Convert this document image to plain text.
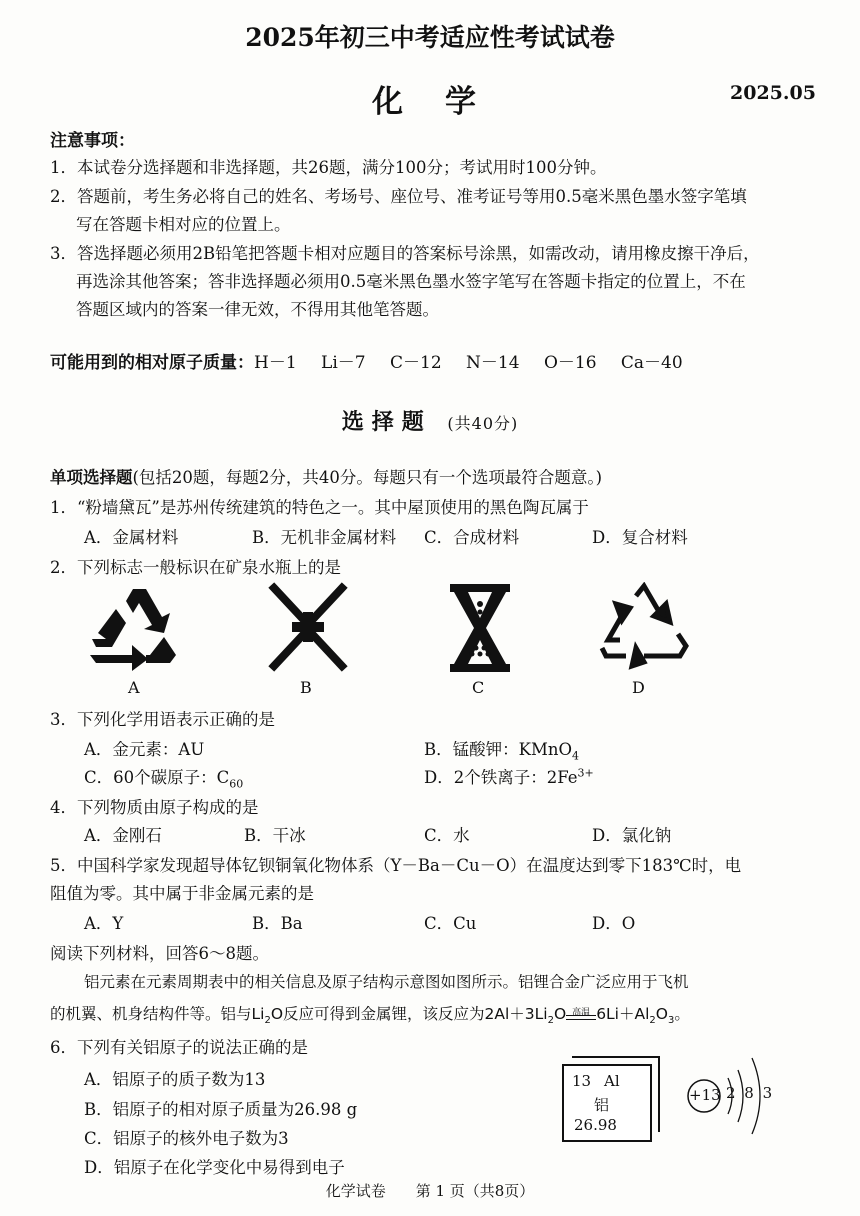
2025年初三中考适应性考试试卷
化学	2025.05
注意事项：
1．本试卷分选择题和非选择题，共26题，满分100分；考试用时100分钟。
2．答题前，考生务必将自己的姓名、考场号、座位号、准考证号等用0.5毫米黑色墨水签字笔填
写在答题卡相对应的位置上。
3．答选择题必须用2B铅笔把答题卡相对应题目的答案标号涂黑，如需改动，请用橡皮擦干净后，
再选涂其他答案；答非选择题必须用0.5毫米黑色墨水签字笔写在答题卡指定的位置上，不在
答题区域内的答案一律无效，不得用其他笔答题。
可能用到的相对原子质量：H－1　 Li－7　 C－12　 N－14　 O－16　 Ca－40
选择题 (共40分)
单项选择题(包括20题，每题2分，共40分。每题只有一个选项最符合题意。)
1．“粉墙黛瓦”是苏州传统建筑的特色之一。其中屋顶使用的黑色陶瓦属于
A．金属材料	B．无机非金属材料 C．合成材料	D．复合材料
2．下列标志一般标识在矿泉水瓶上的是
A	B	C	D
3．下列化学用语表示正确的是
A．金元素：AU	B．锰酸钾：KMnO$_4$
C．60个碳原子：$C_{60}$	D．2个铁离子：$2Fe^{3+}$
4．下列物质由原子构成的是
A．金刚石	B．干冰	C．水	D．氯化钠
5．中国科学家发现超导体钇钡铜氧化物体系（Y－Ba－Cu－O）在温度达到零下183℃时，电
阻值为零。其中属于非金属元素的是
A．Y	B．Ba	C．Cu	D．O
阅读下列材料，回答6～8题。
铝元素在元素周期表中的相关信息及原子结构示意图如图所示。铝锂合金广泛应用于飞机
的机翼、机身结构件等。铝与$Li_2O$反应可得到金属锂，该反应为$2Al+3Li_2O$ 高温 $6Li+Al_2O_3$。
6．下列有关铝原子的说法正确的是
A．铝原子的质子数为13
B．铝原子的相对原子质量为26.98 g
C．铝原子的核外电子数为3
D．铝原子在化学变化中易得到电子
13 Al
铝
26.98
+13 2 8 3
化学试卷　　第 1 页（共8页）
